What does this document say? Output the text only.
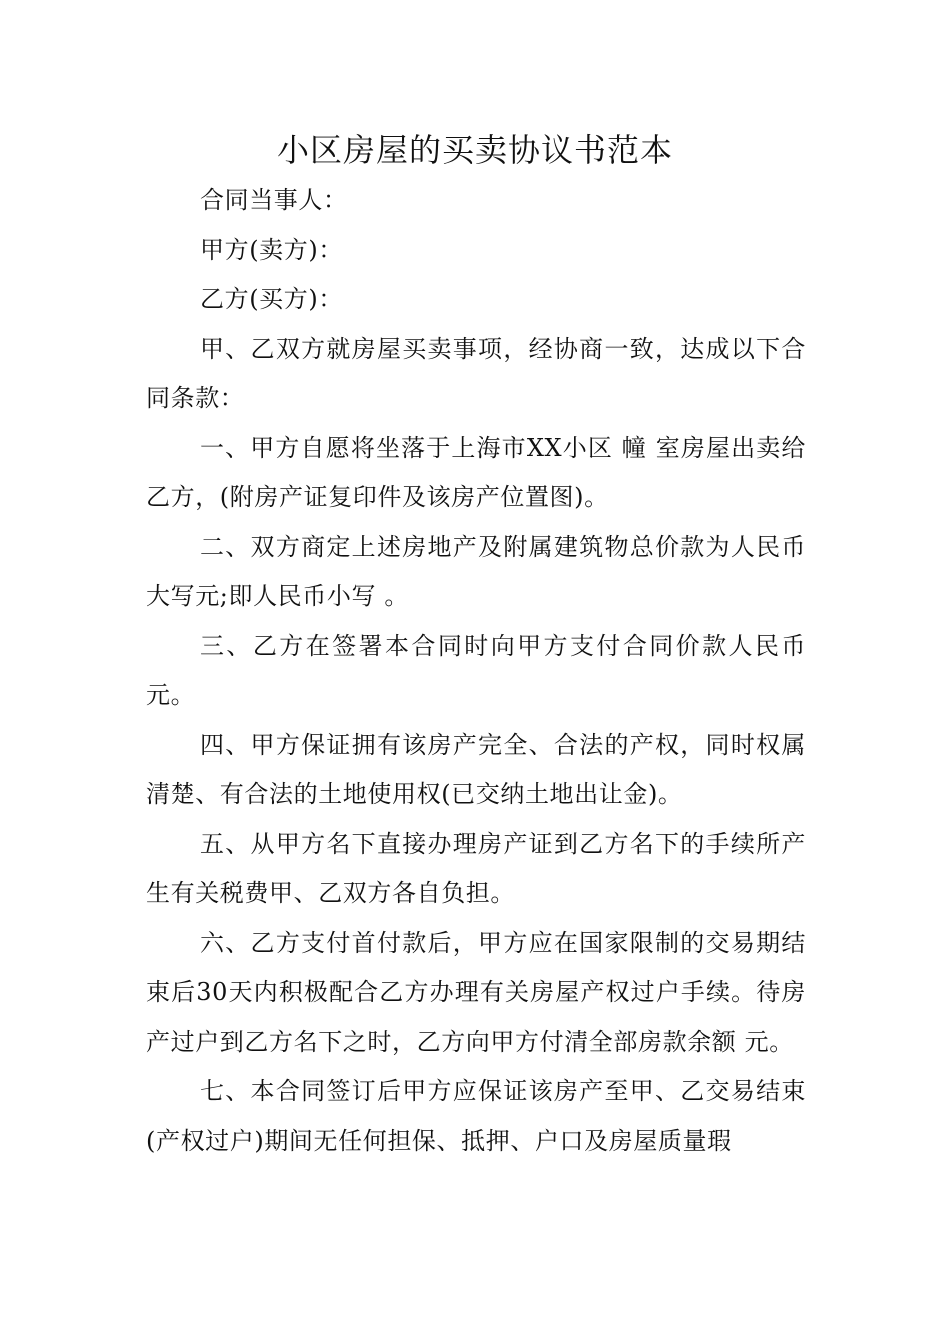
小区房屋的买卖协议书范本

合同当事人：

甲方(卖方)：

乙方(买方)：

甲、乙双方就房屋买卖事项，经协商一致，达成以下合同条款：

一、甲方自愿将坐落于上海市XX小区 幢 室房屋出卖给乙方，(附房产证复印件及该房产位置图)。

二、双方商定上述房地产及附属建筑物总价款为人民币大写元;即人民币小写 。

三、乙方在签署本合同时向甲方支付合同价款人民币元。

四、甲方保证拥有该房产完全、合法的产权，同时权属清楚、有合法的土地使用权(已交纳土地出让金)。

五、从甲方名下直接办理房产证到乙方名下的手续所产生有关税费甲、乙双方各自负担。

六、乙方支付首付款后，甲方应在国家限制的交易期结束后30天内积极配合乙方办理有关房屋产权过户手续。待房产过户到乙方名下之时，乙方向甲方付清全部房款余额 元。

七、本合同签订后甲方应保证该房产至甲、乙交易结束(产权过户)期间无任何担保、抵押、户口及房屋质量瑕
